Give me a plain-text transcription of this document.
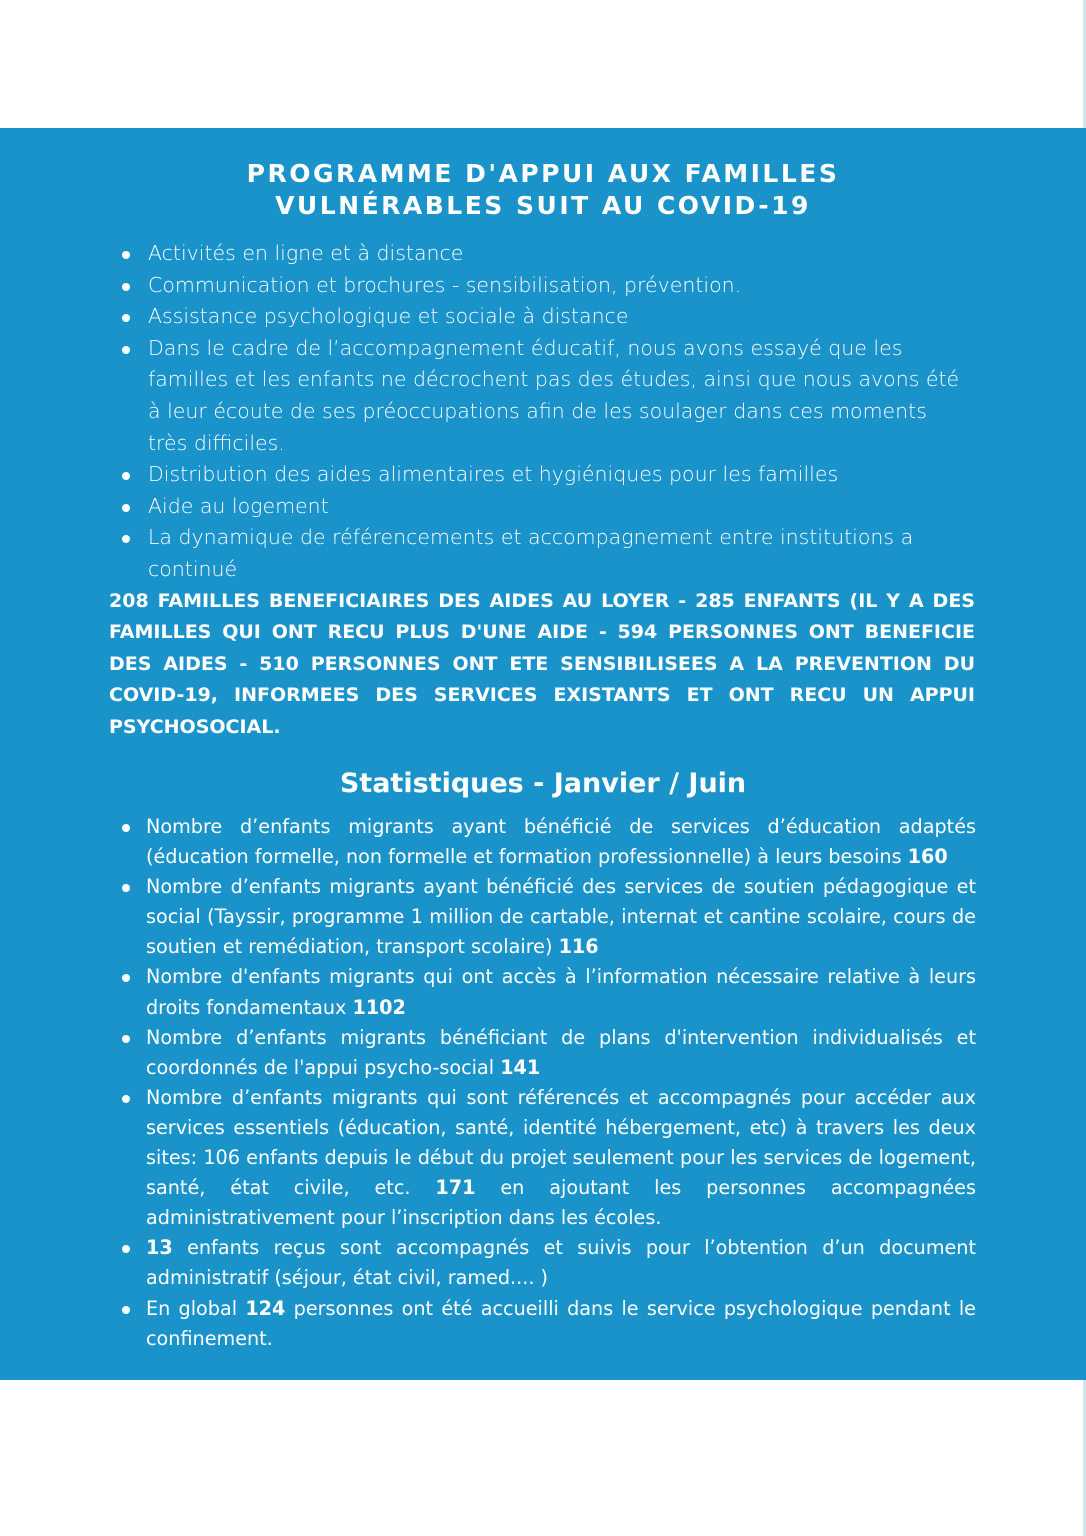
PROGRAMME D'APPUI AUX FAMILLES
VULNÉRABLES SUIT AU COVID-19
Activités en ligne et à distance
Communication et brochures - sensibilisation, prévention.
Assistance psychologique et sociale à distance
Dans le cadre de l’accompagnement éducatif, nous avons essayé que les familles et les enfants ne décrochent pas des études, ainsi que nous avons été à leur écoute de ses préoccupations afin de les soulager dans ces moments très difficiles.
Distribution des aides alimentaires et hygiéniques pour les familles
Aide au logement
La dynamique de référencements et accompagnement entre institutions a continué

208 FAMILLES BENEFICIAIRES DES AIDES AU LOYER - 285 ENFANTS (IL Y A DES FAMILLES QUI ONT RECU PLUS D'UNE AIDE - 594 PERSONNES ONT BENEFICIE DES AIDES - 510 PERSONNES ONT ETE SENSIBILISEES A LA PREVENTION DU COVID-19, INFORMEES DES SERVICES EXISTANTS ET ONT RECU UN APPUI PSYCHOSOCIAL.

Statistiques - Janvier / Juin
Nombre d’enfants migrants ayant bénéficié de services d’éducation adaptés (éducation formelle, non formelle et formation professionnelle) à leurs besoins 160
Nombre d’enfants migrants ayant bénéficié des services de soutien pédagogique et social (Tayssir, programme 1 million de cartable, internat et cantine scolaire, cours de soutien et remédiation, transport scolaire) 116
Nombre d'enfants migrants qui ont accès à l’information nécessaire relative à leurs droits fondamentaux 1102
Nombre d’enfants migrants bénéficiant de plans d'intervention individualisés et coordonnés de l'appui psycho-social 141
Nombre d’enfants migrants qui sont référencés et accompagnés pour accéder aux services essentiels (éducation, santé, identité hébergement, etc) à travers les deux sites: 106 enfants depuis le début du projet seulement pour les services de logement, santé, état civile, etc. 171 en ajoutant les personnes accompagnées administrativement pour l’inscription dans les écoles.
13 enfants reçus sont accompagnés et suivis pour l’obtention d’un document administratif (séjour, état civil, ramed.... )
En global 124 personnes ont été accueilli dans le service psychologique pendant le confinement.
